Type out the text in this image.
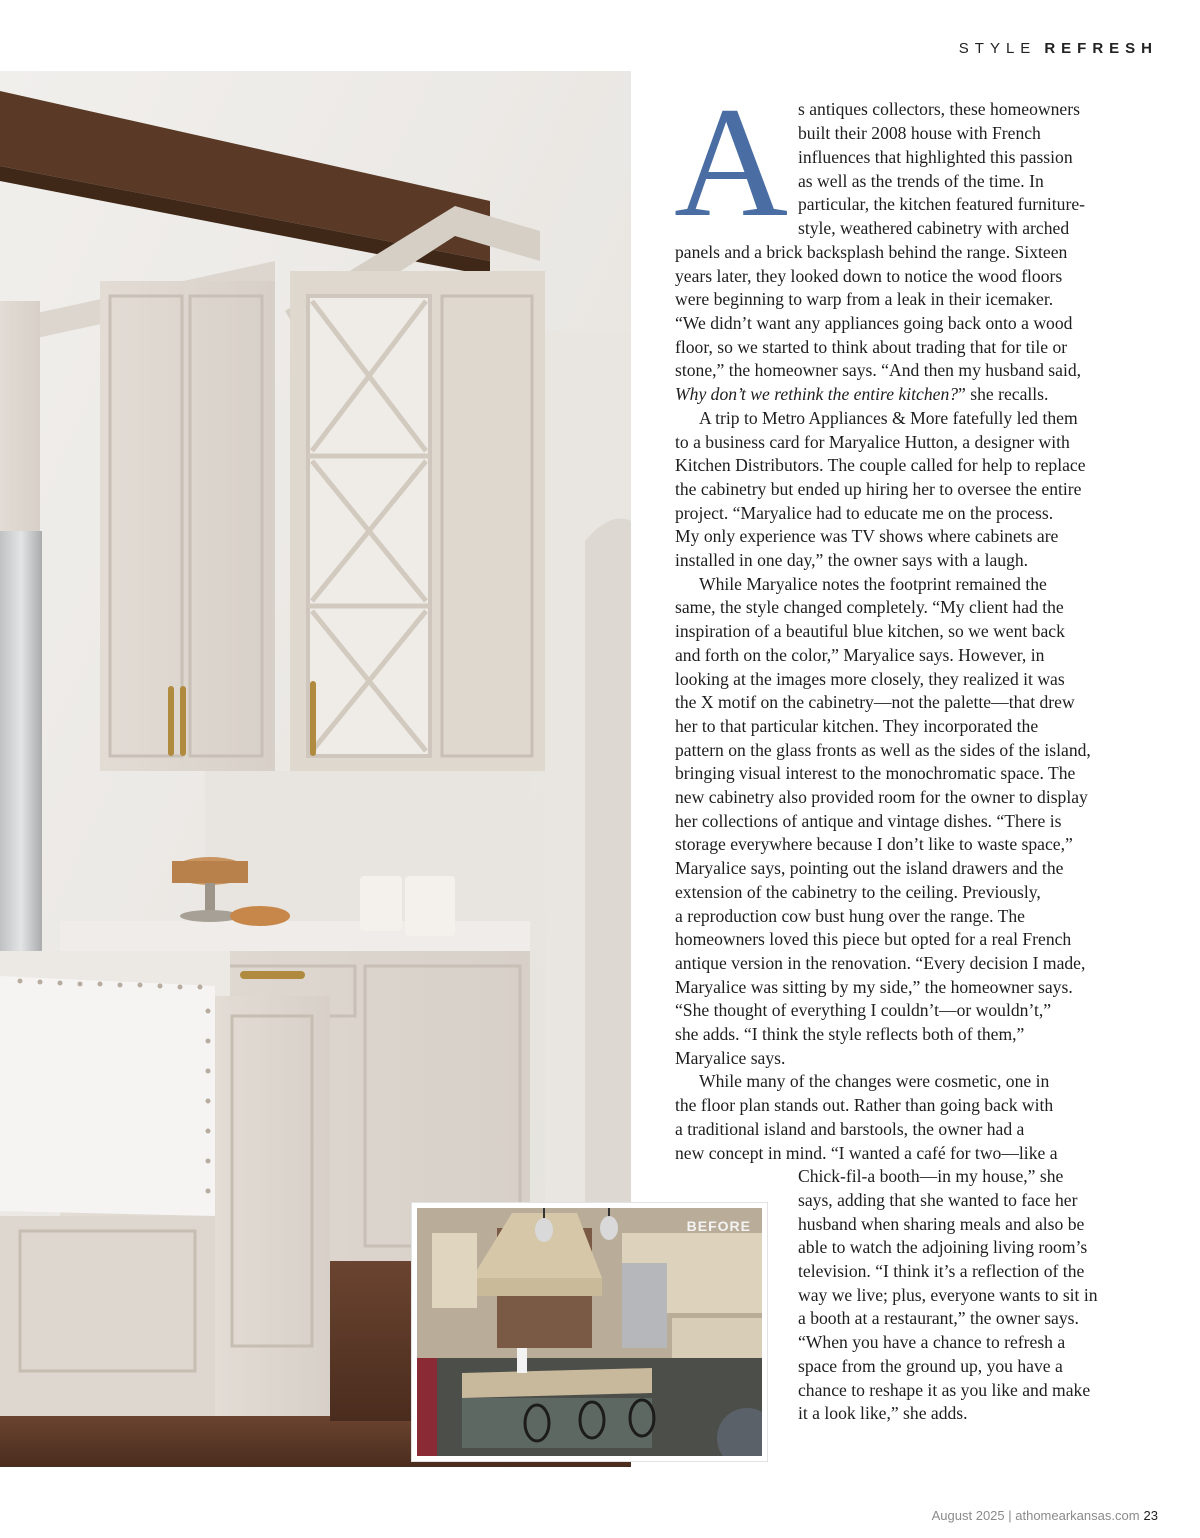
STYLE REFRESH
BEFORE
A s antiques collectors, these homeowners
built their 2008 house with French
influences that highlighted this passion
as well as the trends of the time. In
particular, the kitchen featured furniture-
style, weathered cabinetry with arched
panels and a brick backsplash behind the range. Sixteen
years later, they looked down to notice the wood floors
were beginning to warp from a leak in their icemaker.
“We didn’t want any appliances going back onto a wood
floor, so we started to think about trading that for tile or
stone,” the homeowner says. “And then my husband said,
Why don’t we rethink the entire kitchen?” she recalls.
A trip to Metro Appliances & More fatefully led them
to a business card for Maryalice Hutton, a designer with
Kitchen Distributors. The couple called for help to replace
the cabinetry but ended up hiring her to oversee the entire
project. “Maryalice had to educate me on the process.
My only experience was TV shows where cabinets are
installed in one day,” the owner says with a laugh.
While Maryalice notes the footprint remained the
same, the style changed completely. “My client had the
inspiration of a beautiful blue kitchen, so we went back
and forth on the color,” Maryalice says. However, in
looking at the images more closely, they realized it was
the X motif on the cabinetry—not the palette—that drew
her to that particular kitchen. They incorporated the
pattern on the glass fronts as well as the sides of the island,
bringing visual interest to the monochromatic space. The
new cabinetry also provided room for the owner to display
her collections of antique and vintage dishes. “There is
storage everywhere because I don’t like to waste space,”
Maryalice says, pointing out the island drawers and the
extension of the cabinetry to the ceiling. Previously,
a reproduction cow bust hung over the range. The
homeowners loved this piece but opted for a real French
antique version in the renovation. “Every decision I made,
Maryalice was sitting by my side,” the homeowner says.
“She thought of everything I couldn’t—or wouldn’t,”
she adds. “I think the style reflects both of them,”
Maryalice says.
While many of the changes were cosmetic, one in
the floor plan stands out. Rather than going back with
a traditional island and barstools, the owner had a
new concept in mind. “I wanted a café for two—like a
Chick-fil-a booth—in my house,” she
says, adding that she wanted to face her
husband when sharing meals and also be
able to watch the adjoining living room’s
television. “I think it’s a reflection of the
way we live; plus, everyone wants to sit in
a booth at a restaurant,” the owner says.
“When you have a chance to refresh a
space from the ground up, you have a
chance to reshape it as you like and make
it a look like,” she adds.
August 2025 | athomearkansas.com 23
